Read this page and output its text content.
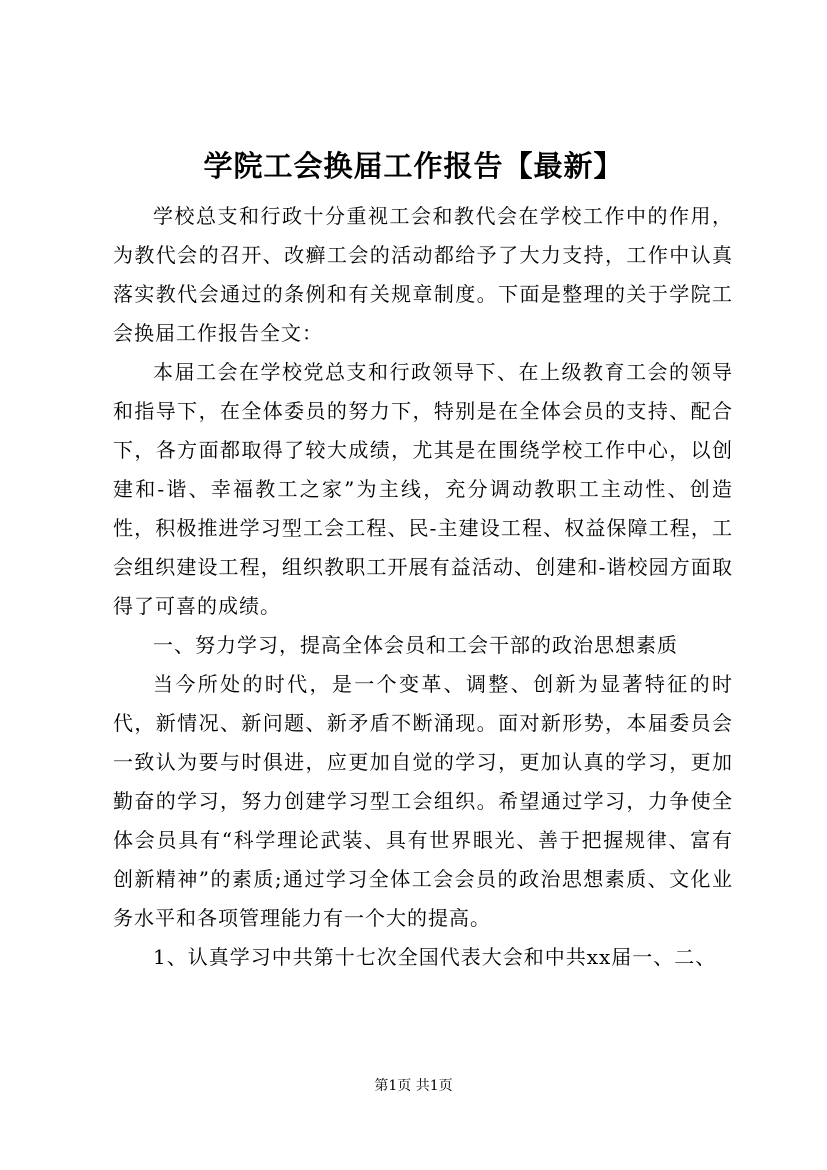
学院工会换届工作报告【最新】

学校总支和行政十分重视工会和教代会在学校工作中的作用，为教代会的召开、改癣工会的活动都给予了大力支持，工作中认真落实教代会通过的条例和有关规章制度。下面是整理的关于学院工会换届工作报告全文：

本届工会在学校党总支和行政领导下、在上级教育工会的领导和指导下，在全体委员的努力下，特别是在全体会员的支持、配合下，各方面都取得了较大成绩，尤其是在围绕学校工作中心，以创建和-谐、幸福教工之家”为主线，充分调动教职工主动性、创造性，积极推进学习型工会工程、民-主建设工程、权益保障工程，工会组织建设工程，组织教职工开展有益活动、创建和-谐校园方面取得了可喜的成绩。

一、努力学习，提高全体会员和工会干部的政治思想素质

当今所处的时代，是一个变革、调整、创新为显著特征的时代，新情况、新问题、新矛盾不断涌现。面对新形势，本届委员会一致认为要与时俱进，应更加自觉的学习，更加认真的学习，更加勤奋的学习，努力创建学习型工会组织。希望通过学习，力争使全体会员具有“科学理论武装、具有世界眼光、善于把握规律、富有创新精神”的素质;通过学习全体工会会员的政治思想素质、文化业务水平和各项管理能力有一个大的提高。

1、认真学习中共第十七次全国代表大会和中共xx届一、二、

第1页 共1页
